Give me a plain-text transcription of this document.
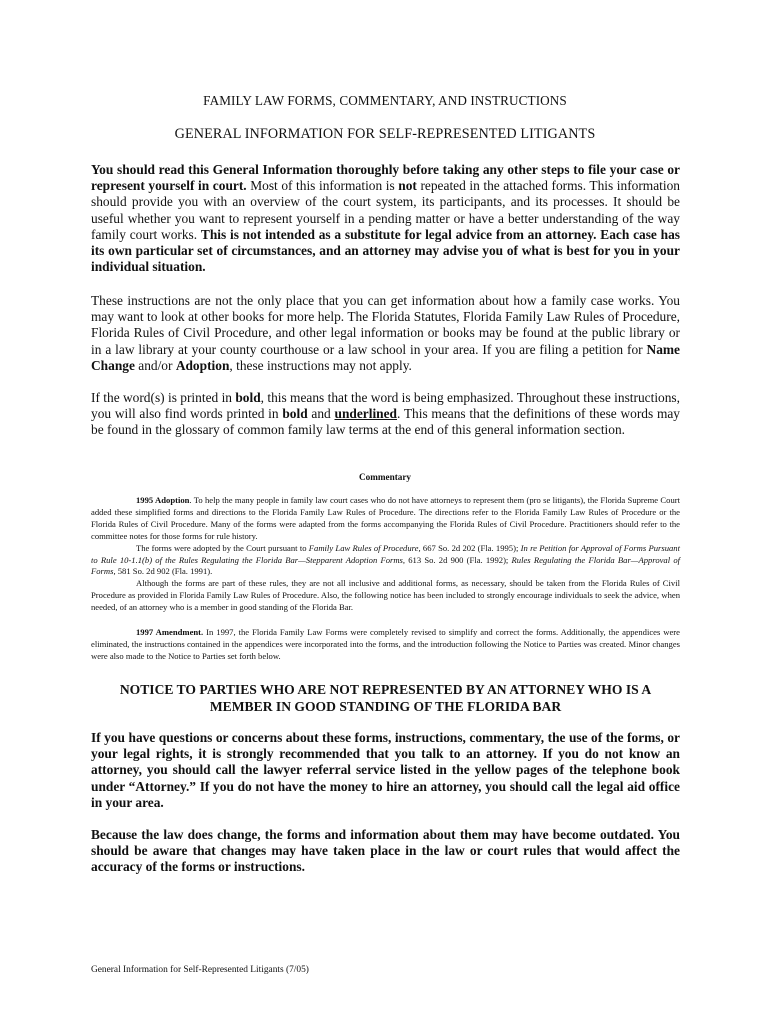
FAMILY LAW FORMS, COMMENTARY, AND INSTRUCTIONS
GENERAL INFORMATION FOR SELF-REPRESENTED LITIGANTS

You should read this General Information thoroughly before taking any other steps to file your case or represent yourself in court. Most of this information is not repeated in the attached forms. This information should provide you with an overview of the court system, its participants, and its processes. It should be useful whether you want to represent yourself in a pending matter or have a better understanding of the way family court works. This is not intended as a substitute for legal advice from an attorney. Each case has its own particular set of circumstances, and an attorney may advise you of what is best for you in your individual situation.

These instructions are not the only place that you can get information about how a family case works. You may want to look at other books for more help. The Florida Statutes, Florida Family Law Rules of Procedure, Florida Rules of Civil Procedure, and other legal information or books may be found at the public library or in a law library at your county courthouse or a law school in your area. If you are filing a petition for Name Change and/or Adoption, these instructions may not apply.

If the word(s) is printed in bold, this means that the word is being emphasized. Throughout these instructions, you will also find words printed in bold and underlined. This means that the definitions of these words may be found in the glossary of common family law terms at the end of this general information section.

Commentary

1995 Adoption. To help the many people in family law court cases who do not have attorneys to represent them (pro se litigants), the Florida Supreme Court added these simplified forms and directions to the Florida Family Law Rules of Procedure. The directions refer to the Florida Family Law Rules of Procedure or the Florida Rules of Civil Procedure. Many of the forms were adapted from the forms accompanying the Florida Rules of Civil Procedure. Practitioners should refer to the committee notes for those forms for rule history.
The forms were adopted by the Court pursuant to Family Law Rules of Procedure, 667 So. 2d 202 (Fla. 1995); In re Petition for Approval of Forms Pursuant to Rule 10-1.1(b) of the Rules Regulating the Florida Bar—Stepparent Adoption Forms, 613 So. 2d 900 (Fla. 1992); Rules Regulating the Florida Bar—Approval of Forms, 581 So. 2d 902 (Fla. 1991).
Although the forms are part of these rules, they are not all inclusive and additional forms, as necessary, should be taken from the Florida Rules of Civil Procedure as provided in Florida Family Law Rules of Procedure. Also, the following notice has been included to strongly encourage individuals to seek the advice, when needed, of an attorney who is a member in good standing of the Florida Bar.

1997 Amendment. In 1997, the Florida Family Law Forms were completely revised to simplify and correct the forms. Additionally, the appendices were eliminated, the instructions contained in the appendices were incorporated into the forms, and the introduction following the Notice to Parties was created. Minor changes were also made to the Notice to Parties set forth below.

NOTICE TO PARTIES WHO ARE NOT REPRESENTED BY AN ATTORNEY WHO IS A
MEMBER IN GOOD STANDING OF THE FLORIDA BAR

If you have questions or concerns about these forms, instructions, commentary, the use of the forms, or your legal rights, it is strongly recommended that you talk to an attorney. If you do not know an attorney, you should call the lawyer referral service listed in the yellow pages of the telephone book under “Attorney.” If you do not have the money to hire an attorney, you should call the legal aid office in your area.

Because the law does change, the forms and information about them may have become outdated. You should be aware that changes may have taken place in the law or court rules that would affect the accuracy of the forms or instructions.

General Information for Self-Represented Litigants (7/05)
